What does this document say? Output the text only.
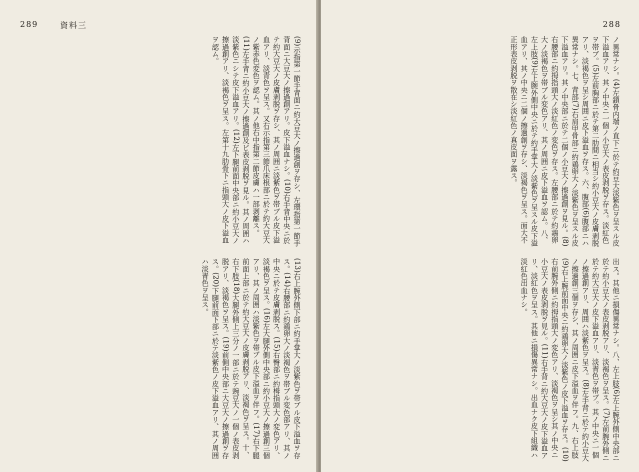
289	資料三
(9)示指第一節手背面ニ約大豆大ノ擦過創ヲ存シ、左環指第一節手背面ニ大豆大ノ擦過創アリ。皮下溢血ナシ。(10)右手背中央ニ於テ約大豆大ノ皮膚剥脱ヲ存シ、其ノ周囲ニ淡紫色ヲ帯ブル皮下溢血アリ、淡青色ヲ呈ス。又右示指第三節爪床根部ニ於テ約大豆大ノ紫赤色変色ヲ認ム。其ノ他右中指第二節皮膚ハ一部剥離ス。(11)左手背ニ約小豆大ノ擦過創及ビ表皮剥脱ヲ見ル。其ノ周囲ハ淡紫色ニシテ皮下溢血アリ。(12)左下腿前面中央部ニ約小豆大ノ擦過創アリ、淡褐色ヲ呈ス。左第十九肋骨下ニ指頭大ノ皮下溢血ヲ認ム。
(13)右上腕外側下部ニ約手掌大ノ淡紫色ヲ帯ブル皮下溢血ヲ存ス。(14)右腰部ニ約鶏卵大ノ淡褐色ヲ帯ブル変色部アリ、其ノ中央ニ於テ皮膚剥脱ス。(15)右臀部ニ約栂指頭大ノ変色アリ、淡褐色ヲ呈ス。(16)左大腿外側中央部ニ約小豆大ノ擦過創三個アリ、其ノ周囲ハ淡紫色ヲ帯ブル皮下溢血ヲ伴フ。(17)右下腿前面上部ニ於テ約大豆大ノ皮膚剥脱アリ、淡褐色ヲ呈ス。十、右下肢(18)大腿外側上三分ノ一部ニ於テ豌豆大ノ一個ノ表皮剥脱アリ、淡褐色ヲ呈ス。(19)前側中央部ニ大豆大ノ擦過創ヲ存ス。(20)下腿前面下部ニ於テ淡紫色ノ皮下溢血アリ、其ノ周囲ハ淡青色ヲ呈ス。
288
ノ異常ナシ。(4)左鎖骨内端ノ直下ニ於テ約豆大淡紫色ヲ呈スル皮下溢血アリ、其ノ中央ニ一個ノ小豆大ノ表皮剥脱ヲ存ス。淡紅色ヲ帯ブ。(5)左前胸部ニ於テ第二肋間ニ相当シ約小豆大ノ皮膚剥脱アリ、淡褐色ヲ呈シ周囲ニ皮下溢血ヲ存ス。六、腹部(6)腹部ニハ異常ナシ。七、背部(7)右肩甲骨部ニ約鶏卵大ノ淡紫色ヲ呈スル皮下溢血アリ。其ノ中央部ニ於テ二個ノ小豆大ノ擦過創ヲ見ル。(8)右腰部ニ約拇指頭大ノ淡紅色ノ変色ヲ存ス。左腰部ニ於テ約鶏卵大ノ淡褐色ヲ帯ブル変色アリ、其ノ周囲ニ皮下溢血ヲ認ム。八、左上肢(9)左上腕外側中央ニ於テ約手掌大ノ淡紫色ヲ呈スル皮下溢血アリ、其ノ中央ニ二個ノ擦過創ヲ存シ、淡褐色ヲ呈ス。面大不正形表皮剥脱ヲ散在シ淡紅色ノ真皮面ヲ露ス。
出ス。其他ニ損傷異常ナシ。八、左上肢(6)左上腕外側中央部ニ於テ約小豆大ノ表皮剥脱アリ、淡褐色ヲ呈ス。(7)左前腕外側ニ於テ約大豆大ノ皮下溢血アリ、淡青色ヲ帯ブ。其ノ中央ニ一個ノ擦過創アリ、周囲ハ淡紫色ヲ呈ス。(8)左手背ニ於テ約小豆大ノ擦過創三個ヲ存シ、其ノ周囲ニ皮下溢血ヲ伴フ。九、右上肢(9)右上腕前面中央ニ約鶏卵大ノ淡紫色ノ皮下溢血ヲ存ス。(10)右前腕外側ニ約拇指頭大ノ変色アリ、淡褐色ヲ呈シ其ノ中央ニ小豆大ノ表皮剥脱ヲ見ル。(11)右手背ニ約大豆大ノ皮下溢血アリ、淡紅色ヲ呈ス。其他ニ損傷異常ナシ。出血ナク皮下組織ハ淡紅色出血ナシ。
